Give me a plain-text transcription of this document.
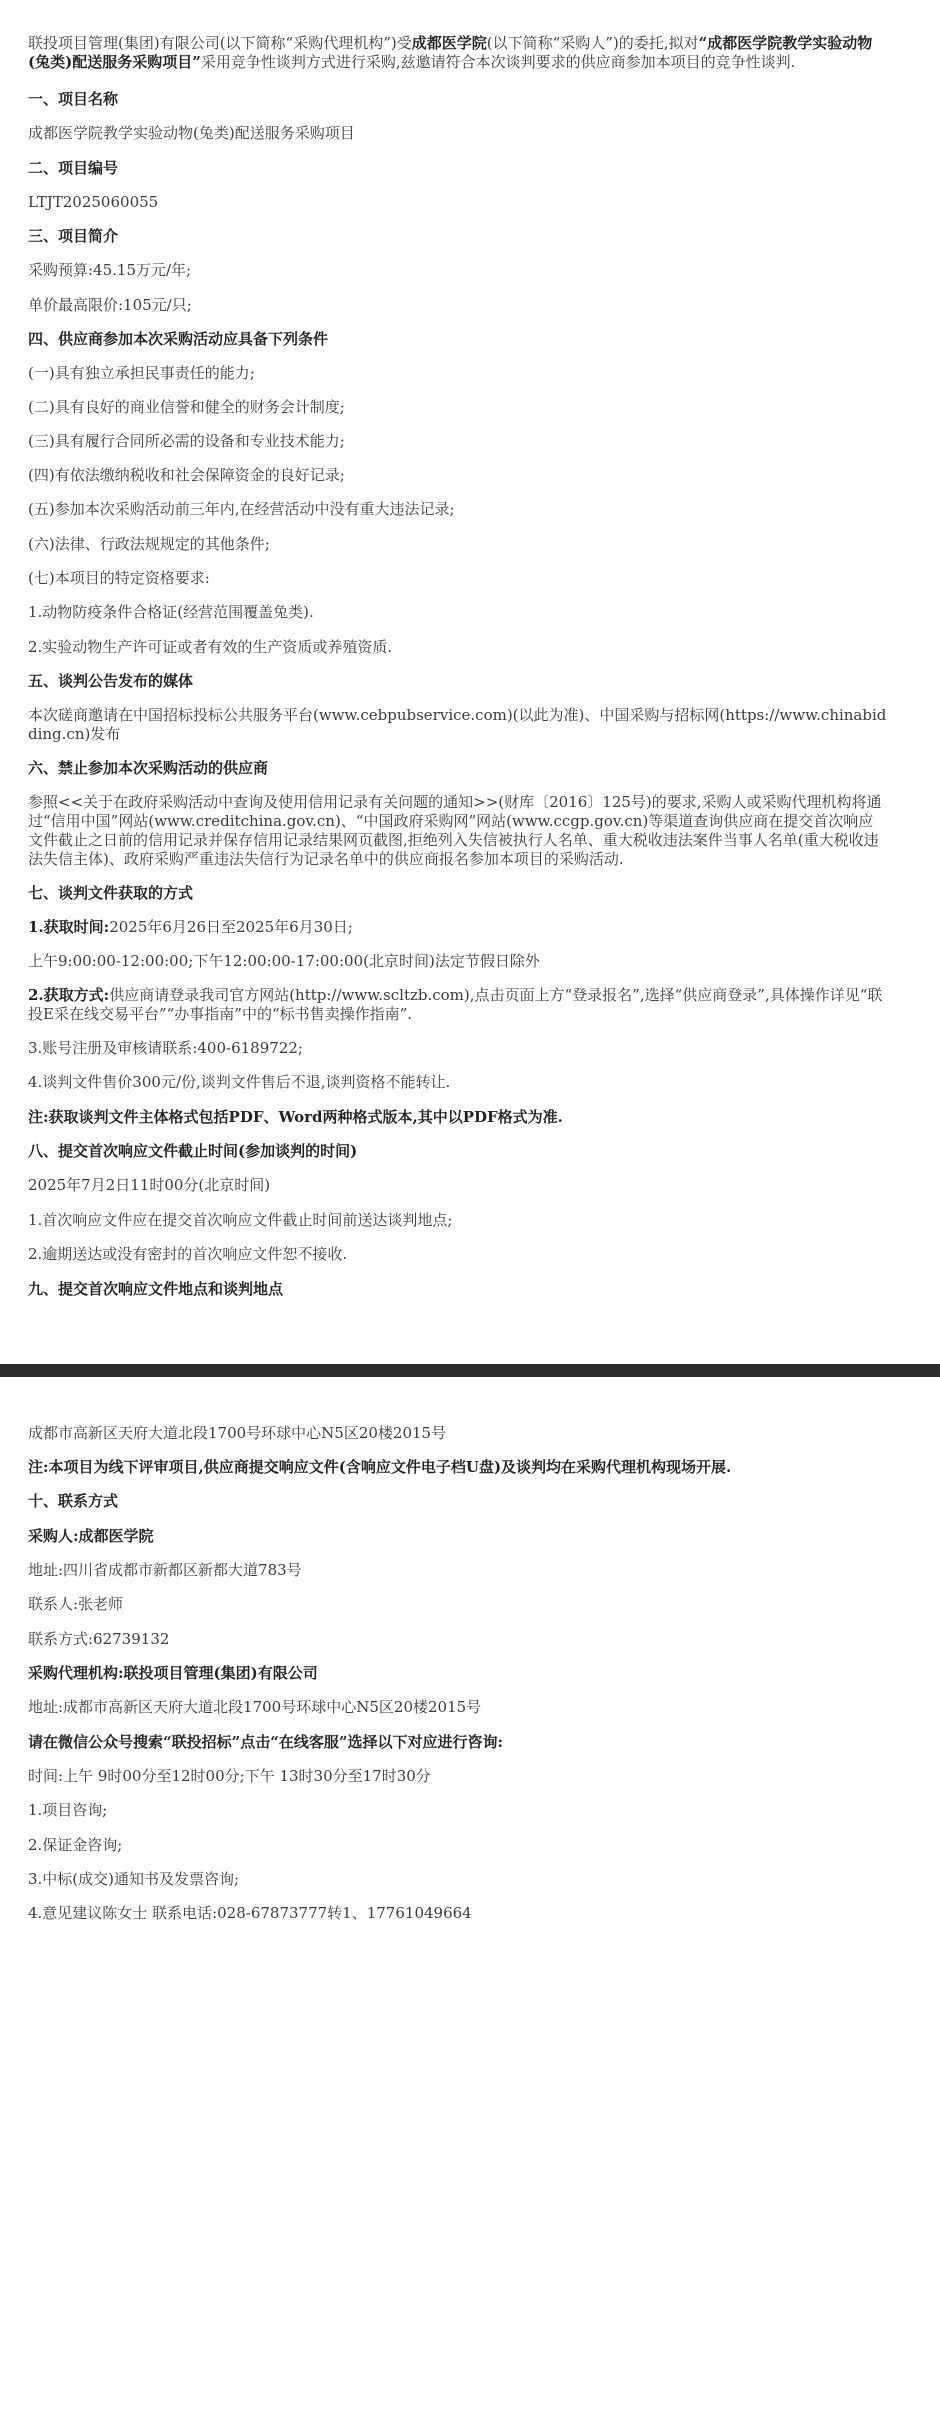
联投项目管理(集团)有限公司(以下简称“采购代理机构”)受成都医学院(以下简称“采购人”)的委托,拟对“成都医学院教学实验动物(兔类)配送服务采购项目”采用竞争性谈判方式进行采购,兹邀请符合本次谈判要求的供应商参加本项目的竞争性谈判.

一、项目名称

成都医学院教学实验动物(兔类)配送服务采购项目

二、项目编号

LTJT2025060055

三、项目简介

采购预算:45.15万元/年;

单价最高限价:105元/只;

四、供应商参加本次采购活动应具备下列条件

(一)具有独立承担民事责任的能力;

(二)具有良好的商业信誉和健全的财务会计制度;

(三)具有履行合同所必需的设备和专业技术能力;

(四)有依法缴纳税收和社会保障资金的良好记录;

(五)参加本次采购活动前三年内,在经营活动中没有重大违法记录;

(六)法律、行政法规规定的其他条件;

(七)本项目的特定资格要求:

1.动物防疫条件合格证(经营范围覆盖兔类).

2.实验动物生产许可证或者有效的生产资质或养殖资质.

五、谈判公告发布的媒体

本次磋商邀请在中国招标投标公共服务平台(www.cebpubservice.com)(以此为准)、中国采购与招标网(https://www.chinabidding.cn)发布

六、禁止参加本次采购活动的供应商

参照<<关于在政府采购活动中查询及使用信用记录有关问题的通知>>(财库〔2016〕125号)的要求,采购人或采购代理机构将通过“信用中国”网站(www.creditchina.gov.cn)、“中国政府采购网”网站(www.ccgp.gov.cn)等渠道查询供应商在提交首次响应文件截止之日前的信用记录并保存信用记录结果网页截图,拒绝列入失信被执行人名单、重大税收违法案件当事人名单(重大税收违法失信主体)、政府采购严重违法失信行为记录名单中的供应商报名参加本项目的采购活动.

七、谈判文件获取的方式

1.获取时间:2025年6月26日至2025年6月30日;

上午9:00:00-12:00:00;下午12:00:00-17:00:00(北京时间)法定节假日除外

2.获取方式:供应商请登录我司官方网站(http://www.scltzb.com),点击页面上方“登录报名”,选择“供应商登录”,具体操作详见“联投E采在线交易平台”“办事指南”中的“标书售卖操作指南”.

3.账号注册及审核请联系:400-6189722;

4.谈判文件售价300元/份,谈判文件售后不退,谈判资格不能转让.

注:获取谈判文件主体格式包括PDF、Word两种格式版本,其中以PDF格式为准.

八、提交首次响应文件截止时间(参加谈判的时间)

2025年7月2日11时00分(北京时间)

1.首次响应文件应在提交首次响应文件截止时间前送达谈判地点;

2.逾期送达或没有密封的首次响应文件恕不接收.

九、提交首次响应文件地点和谈判地点

成都市高新区天府大道北段1700号环球中心N5区20楼2015号

注:本项目为线下评审项目,供应商提交响应文件(含响应文件电子档U盘)及谈判均在采购代理机构现场开展.

十、联系方式

采购人:成都医学院

地址:四川省成都市新都区新都大道783号

联系人:张老师

联系方式:62739132

采购代理机构:联投项目管理(集团)有限公司

地址:成都市高新区天府大道北段1700号环球中心N5区20楼2015号

请在微信公众号搜索“联投招标”点击“在线客服”选择以下对应进行咨询:

时间:上午 9时00分至12时00分;下午 13时30分至17时30分

1.项目咨询;

2.保证金咨询;

3.中标(成交)通知书及发票咨询;

4.意见建议陈女士 联系电话:028-67873777转1、17761049664
